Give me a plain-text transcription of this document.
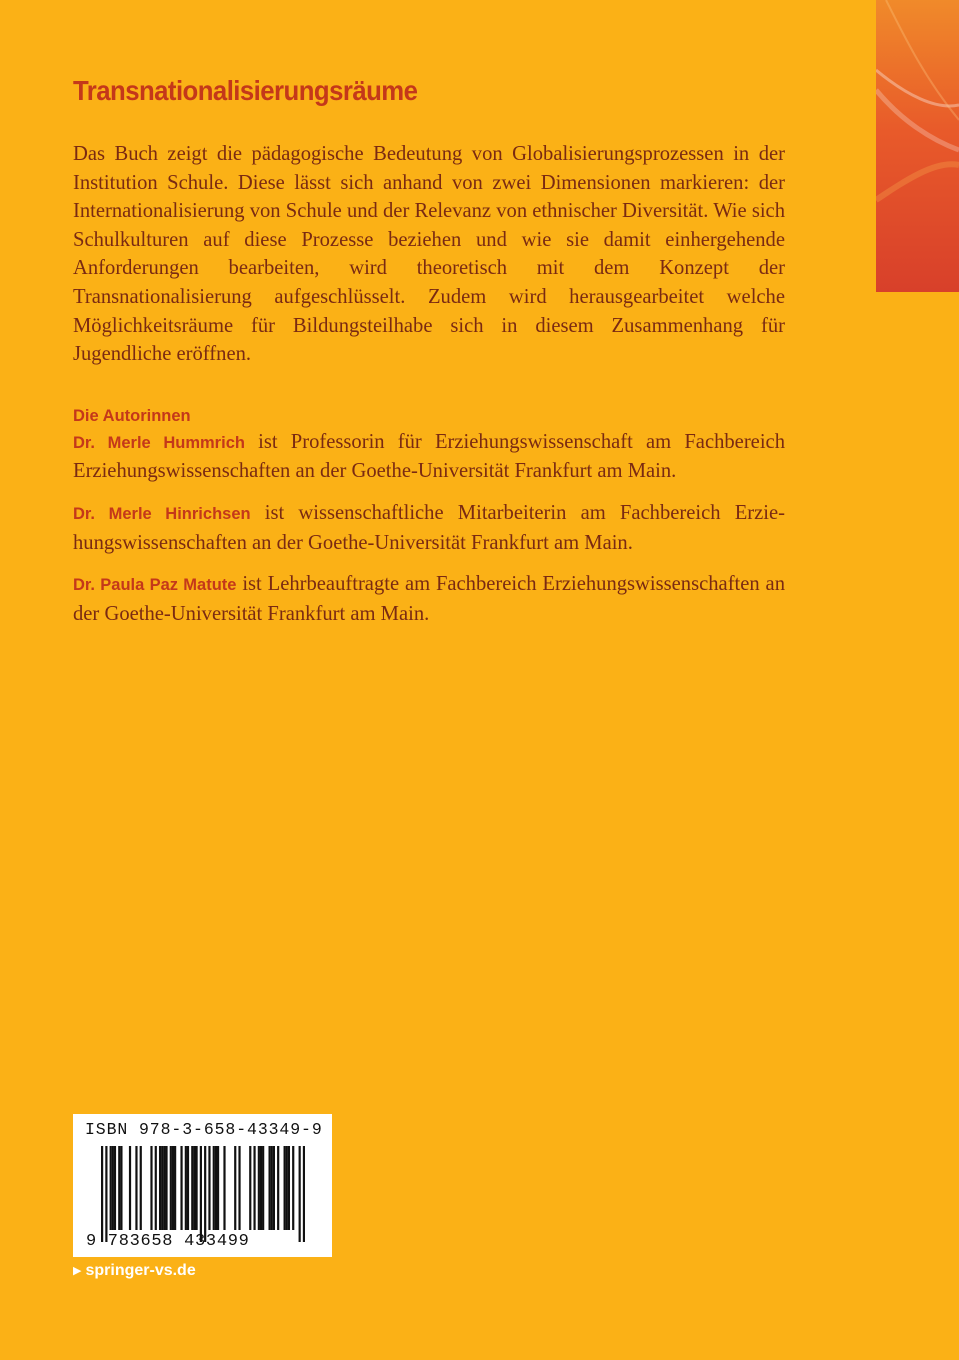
Transnationalisierungsräume

Das Buch zeigt die pädagogische Bedeutung von Globalisierungsprozessen in der Institution Schule. Diese lässt sich anhand von zwei Dimensionen markieren: der Internationalisierung von Schule und der Relevanz von ethnischer Diversität. Wie sich Schulkulturen auf diese Prozesse beziehen und wie sie damit einhergehende Anforderungen bearbeiten, wird theoretisch mit dem Konzept der Transnationalisierung aufgeschlüsselt. Zudem wird herausgearbeitet welche Möglichkeitsräume für Bildungsteilhabe sich in diesem Zusammenhang für Jugendliche eröffnen.

Die Autorinnen

Dr. Merle Hummrich ist Professorin für Erziehungswissenschaft am Fachbereich Erziehungswissenschaften an der Goethe-Universität Frankfurt am Main.

Dr. Merle Hinrichsen ist wissenschaftliche Mitarbeiterin am Fachbereich Erziehungswissenschaften an der Goethe-Universität Frankfurt am Main.

Dr. Paula Paz Matute ist Lehrbeauftragte am Fachbereich Erziehungswissenschaften an der Goethe-Universität Frankfurt am Main.

ISBN 978-3-658-43349-9
9 783658 433499
▶ springer-vs.de
